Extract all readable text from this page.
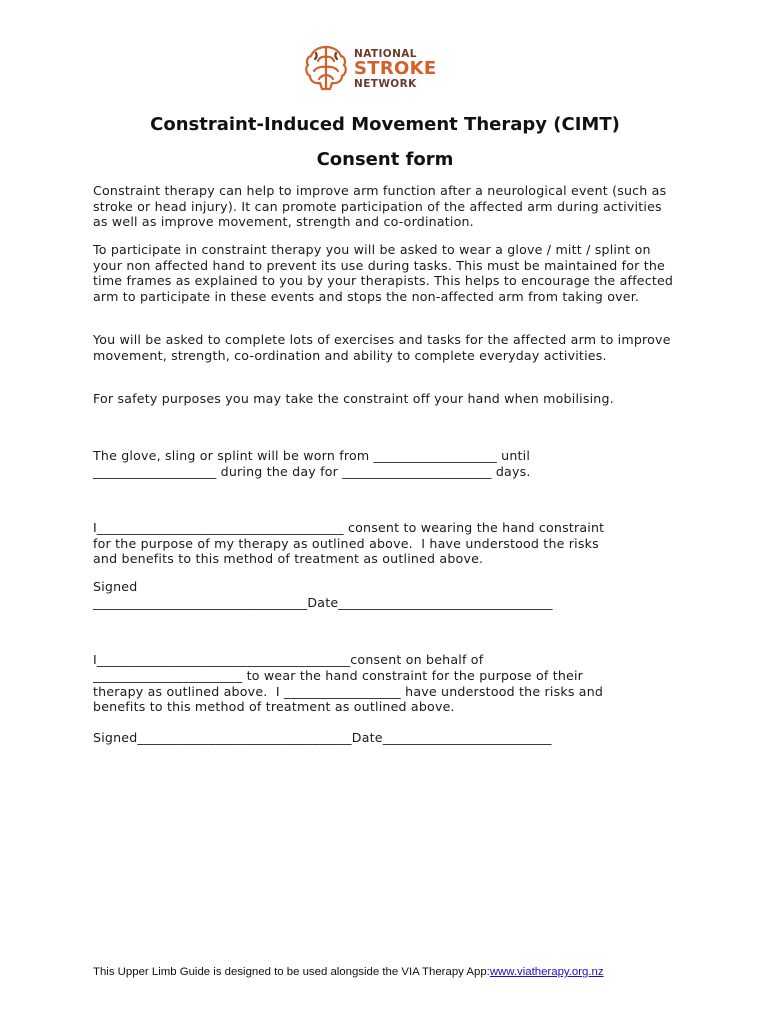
NATIONAL
STROKE
NETWORK
Constraint-Induced Movement Therapy (CIMT)
Consent form

Constraint therapy can help to improve arm function after a neurological event (such as stroke or head injury). It can promote participation of the affected arm during activities as well as improve movement, strength and co-ordination.

To participate in constraint therapy you will be asked to wear a glove / mitt / splint on your non affected hand to prevent its use during tasks. This must be maintained for the time frames as explained to you by your therapists. This helps to encourage the affected arm to participate in these events and stops the non-affected arm from taking over.

You will be asked to complete lots of exercises and tasks for the affected arm to improve movement, strength, co-ordination and ability to complete everyday activities.

For safety purposes you may take the constraint off your hand when mobilising.

The glove, sling or splint will be worn from ___________________ until

___________________ during the day for _______________________ days.

I______________________________________ consent to wearing the hand constraint

for the purpose of my therapy as outlined above.  I have understood the risks

and benefits to this method of treatment as outlined above.

Signed

_________________________________Date_________________________________

I_______________________________________consent on behalf of

_______________________ to wear the hand constraint for the purpose of their

therapy as outlined above.  I __________________ have understood the risks and

benefits to this method of treatment as outlined above.

Signed_________________________________Date__________________________

This Upper Limb Guide is designed to be used alongside the VIA Therapy App:www.viatherapy.org.nz
